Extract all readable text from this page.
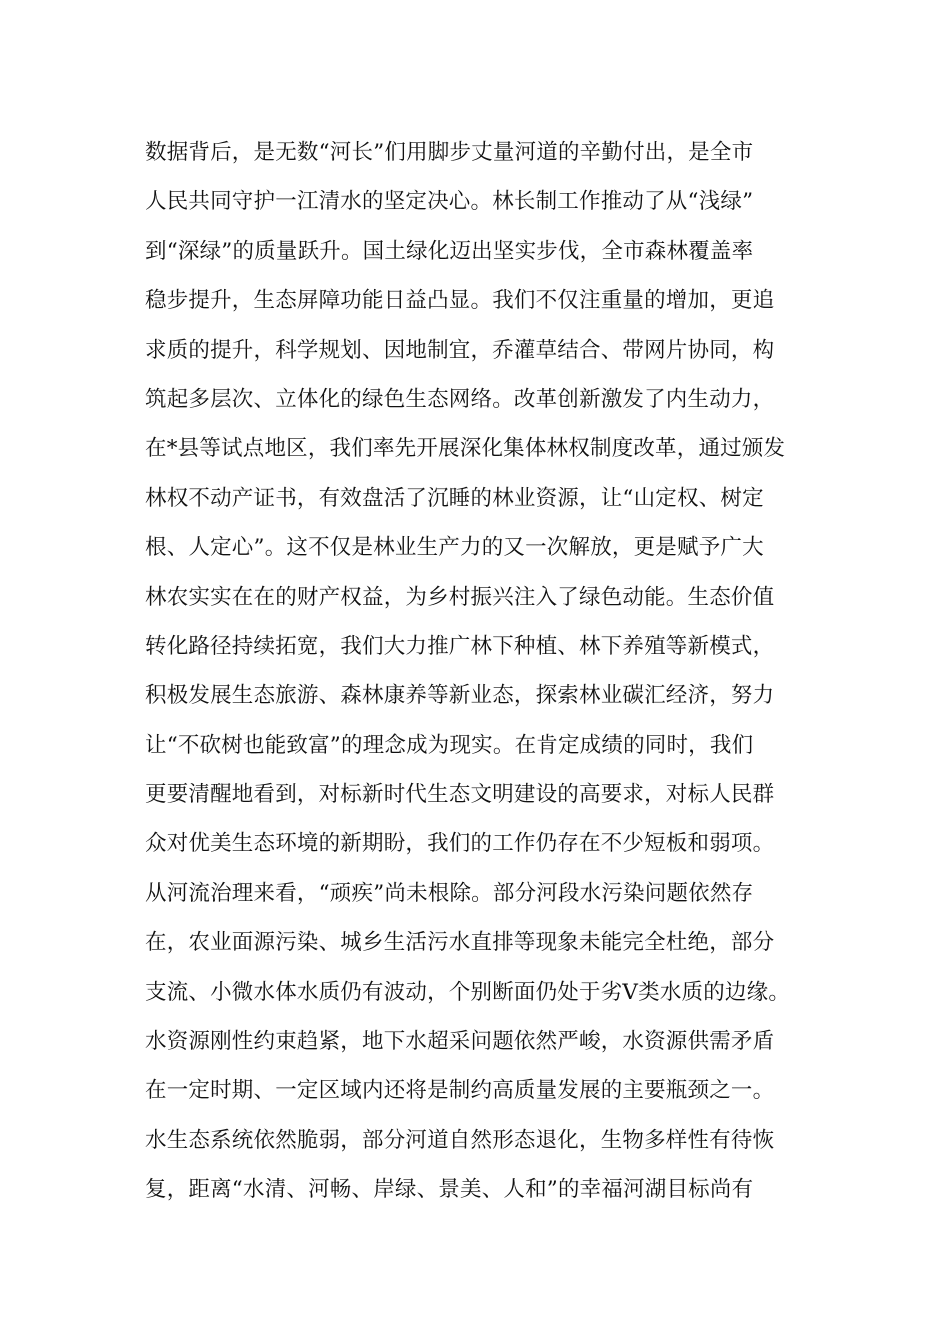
数据背后，是无数“河长”们用脚步丈量河道的辛勤付出，是全市
人民共同守护一江清水的坚定决心。林长制工作推动了从“浅绿”
到“深绿”的质量跃升。国土绿化迈出坚实步伐，全市森林覆盖率
稳步提升，生态屏障功能日益凸显。我们不仅注重量的增加，更追
求质的提升，科学规划、因地制宜，乔灌草结合、带网片协同，构
筑起多层次、立体化的绿色生态网络。改革创新激发了内生动力，
在*县等试点地区，我们率先开展深化集体林权制度改革，通过颁发
林权不动产证书，有效盘活了沉睡的林业资源，让“山定权、树定
根、人定心”。这不仅是林业生产力的又一次解放，更是赋予广大
林农实实在在的财产权益，为乡村振兴注入了绿色动能。生态价值
转化路径持续拓宽，我们大力推广林下种植、林下养殖等新模式，
积极发展生态旅游、森林康养等新业态，探索林业碳汇经济，努力
让“不砍树也能致富”的理念成为现实。在肯定成绩的同时，我们
更要清醒地看到，对标新时代生态文明建设的高要求，对标人民群
众对优美生态环境的新期盼，我们的工作仍存在不少短板和弱项。
从河流治理来看，“顽疾”尚未根除。部分河段水污染问题依然存
在，农业面源污染、城乡生活污水直排等现象未能完全杜绝，部分
支流、小微水体水质仍有波动，个别断面仍处于劣Ⅴ类水质的边缘。
水资源刚性约束趋紧，地下水超采问题依然严峻，水资源供需矛盾
在一定时期、一定区域内还将是制约高质量发展的主要瓶颈之一。
水生态系统依然脆弱，部分河道自然形态退化，生物多样性有待恢
复，距离“水清、河畅、岸绿、景美、人和”的幸福河湖目标尚有
